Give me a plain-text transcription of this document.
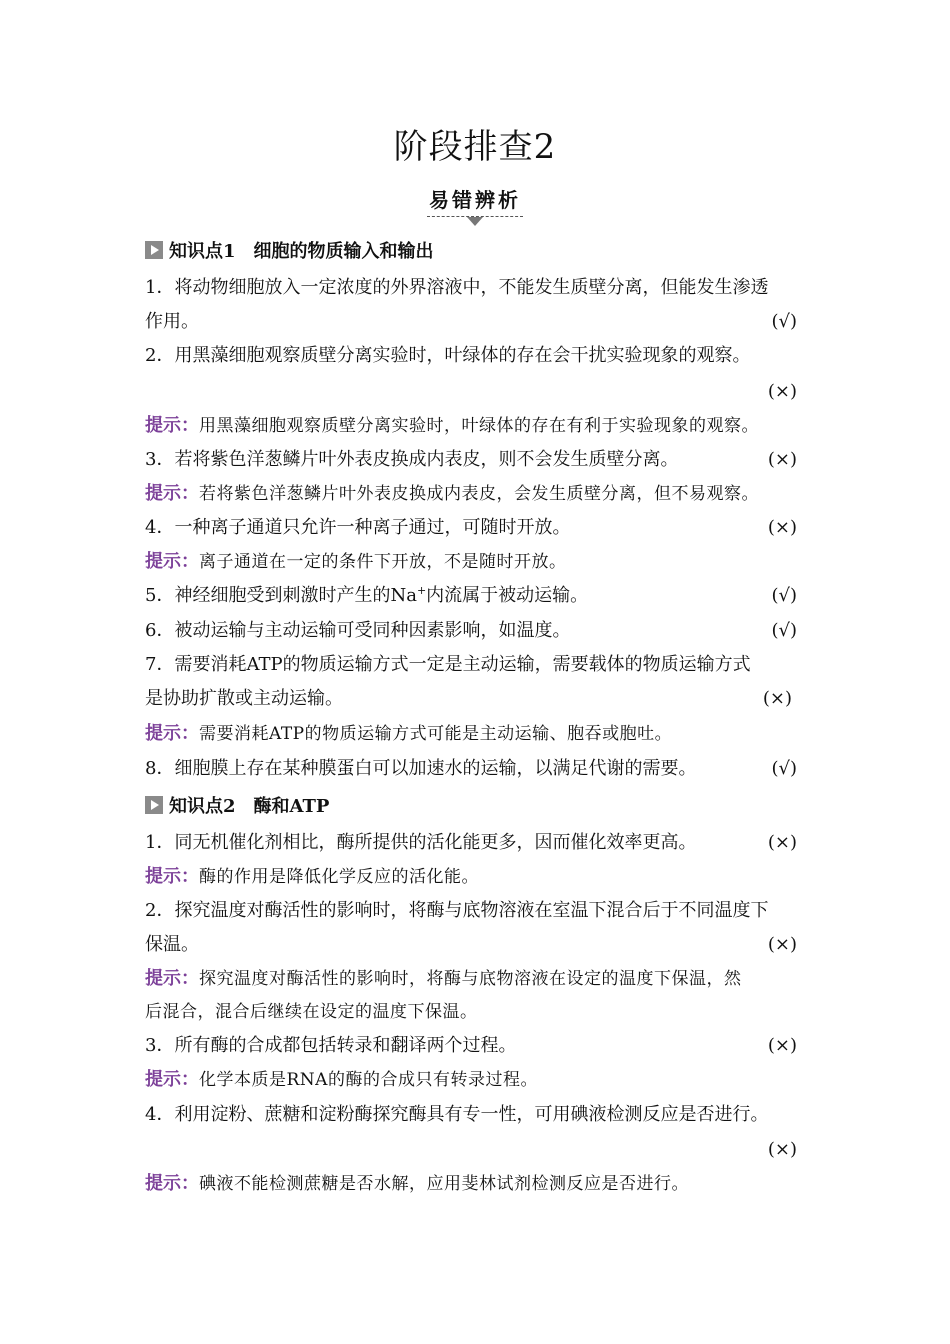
阶段排查2
易错辨析
知识点1　细胞的物质输入和输出
1．将动物细胞放入一定浓度的外界溶液中，不能发生质壁分离，但能发生渗透
作用。	(√)
2．用黑藻细胞观察质壁分离实验时，叶绿体的存在会干扰实验现象的观察。
(×)
提示：用黑藻细胞观察质壁分离实验时，叶绿体的存在有利于实验现象的观察。
3．若将紫色洋葱鳞片叶外表皮换成内表皮，则不会发生质壁分离。	(×)
提示：若将紫色洋葱鳞片叶外表皮换成内表皮，会发生质壁分离，但不易观察。
4．一种离子通道只允许一种离子通过，可随时开放。	(×)
提示：离子通道在一定的条件下开放，不是随时开放。
5．神经细胞受到刺激时产生的Na+内流属于被动运输。	(√)
6．被动运输与主动运输可受同种因素影响，如温度。	(√)
7．需要消耗ATP的物质运输方式一定是主动运输，需要载体的物质运输方式
是协助扩散或主动运输。	(×)
提示：需要消耗ATP的物质运输方式可能是主动运输、胞吞或胞吐。
8．细胞膜上存在某种膜蛋白可以加速水的运输，以满足代谢的需要。	(√)
知识点2　酶和ATP
1．同无机催化剂相比，酶所提供的活化能更多，因而催化效率更高。	(×)
提示：酶的作用是降低化学反应的活化能。
2．探究温度对酶活性的影响时，将酶与底物溶液在室温下混合后于不同温度下
保温。	(×)
提示：探究温度对酶活性的影响时，将酶与底物溶液在设定的温度下保温，然
后混合，混合后继续在设定的温度下保温。
3．所有酶的合成都包括转录和翻译两个过程。	(×)
提示：化学本质是RNA的酶的合成只有转录过程。
4．利用淀粉、蔗糖和淀粉酶探究酶具有专一性，可用碘液检测反应是否进行。
(×)
提示：碘液不能检测蔗糖是否水解，应用斐林试剂检测反应是否进行。
